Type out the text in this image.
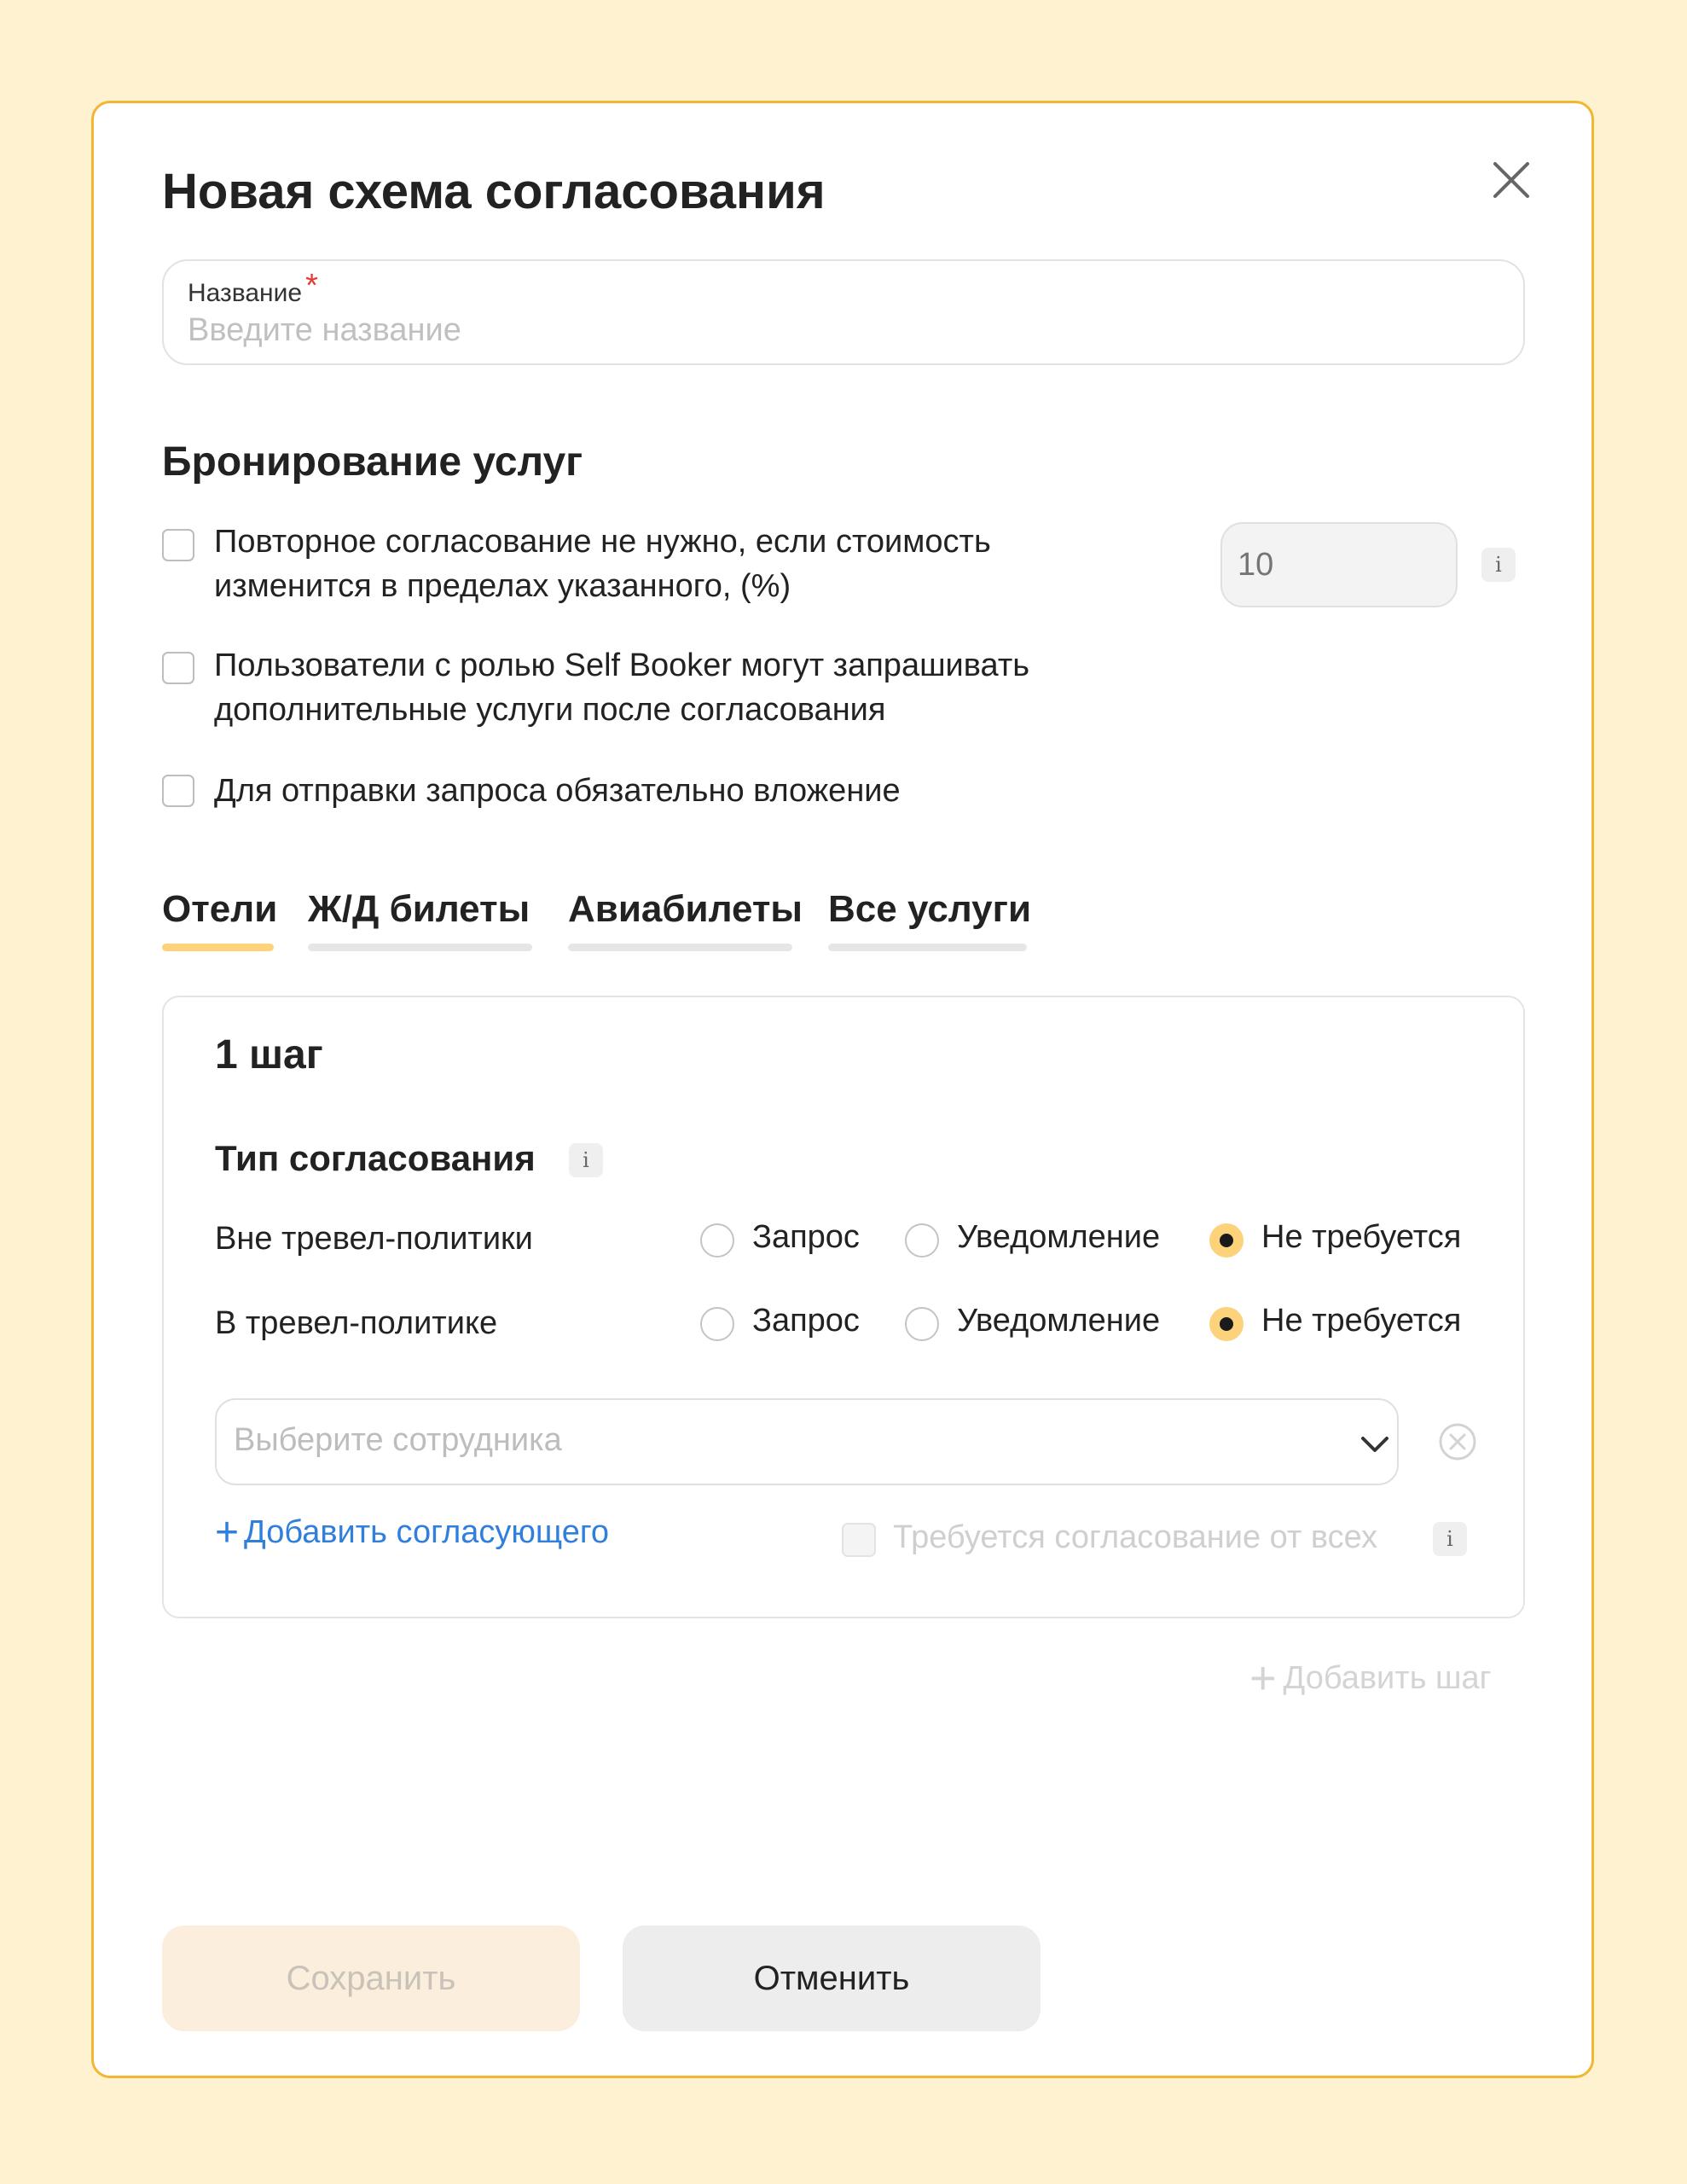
Новая схема согласования
Название *
Введите название
Бронирование услуг
Повторное согласование не нужно, если стоимость изменится в пределах указанного, (%)
10
i
Пользователи с ролью Self Booker могут запрашивать дополнительные услуги после согласования
Для отправки запроса обязательно вложение
Отели Ж/Д билеты Авиабилеты Все услуги
1 шаг
Тип согласования	i
Вне тревел-политики	Запрос	Уведомление	Не требуется
В тревел-политике	Запрос	Уведомление	Не требуется
Выберите сотрудника
+ Добавить согласующего	Требуется согласование от всех	i
+ Добавить шаг
Сохранить	Отменить
